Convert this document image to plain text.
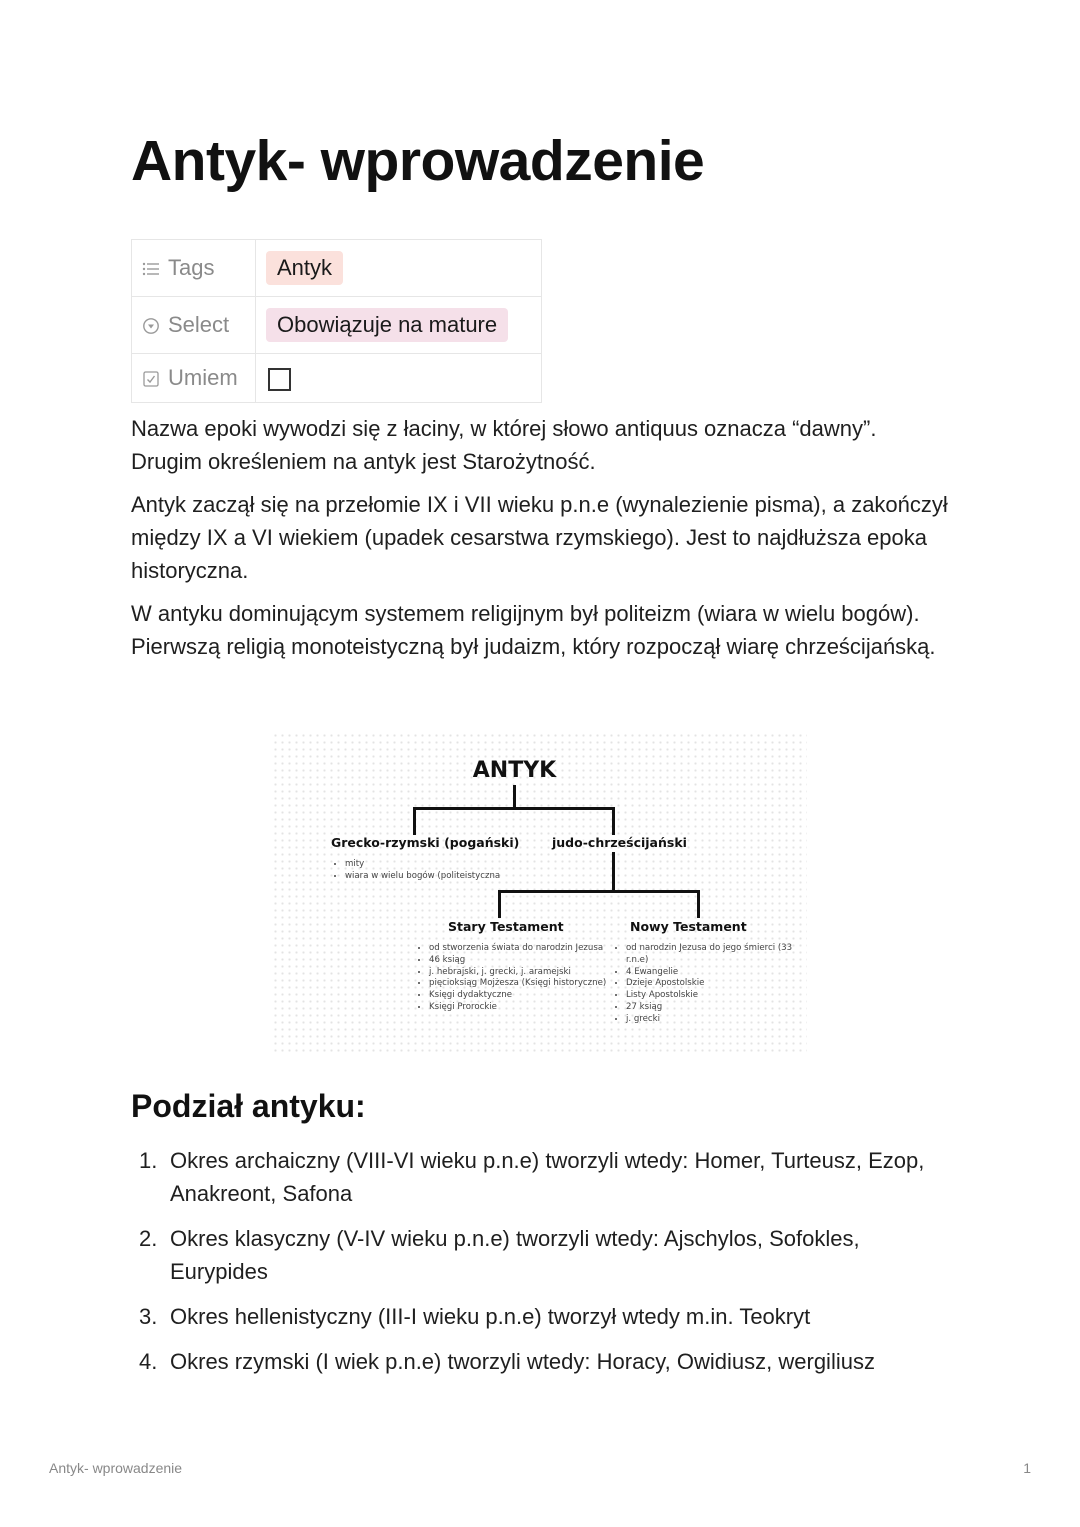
Antyk- wprowadzenie
Tags	Antyk

Select	Obowiązuje na mature

Umiem	

Nazwa epoki wywodzi się z łaciny, w której słowo antiquus oznacza “dawny”. Drugim określeniem na antyk jest Starożytność.

Antyk zaczął się na przełomie IX i VII wieku p.n.e (wynalezienie pisma), a zakończył między IX a VI wiekiem (upadek cesarstwa rzymskiego). Jest to najdłuższa epoka historyczna.

W antyku dominującym systemem religijnym był politeizm (wiara w wielu bogów). Pierwszą religią monoteistyczną był judaizm, który rozpoczął wiarę chrześcijańską.

ANTYK
Grecko-rzymski (pogański)
• mity
• wiara w wielu bogów (politeistyczna
judo-chrześcijański
Stary Testament
• od stworzenia świata do narodzin Jezusa
• 46 ksiąg
• j. hebrajski, j. grecki, j. aramejski
• pięcioksiąg Mojżesza (Księgi historyczne)
• Księgi dydaktyczne
• Księgi Prorockie
Nowy Testament
• od narodzin Jezusa do jego śmierci (33 r.n.e)
• 4 Ewangelie
• Dzieje Apostolskie
• Listy Apostolskie
• 27 ksiąg
• j. grecki
Podział antyku:
1. Okres archaiczny (VIII-VI wieku p.n.e) tworzyli wtedy: Homer, Turteusz, Ezop, Anakreont, Safona
2. Okres klasyczny (V-IV wieku p.n.e) tworzyli wtedy: Ajschylos, Sofokles, Eurypides
3. Okres hellenistyczny (III-I wieku p.n.e) tworzył wtedy m.in. Teokryt
4. Okres rzymski (I wiek p.n.e) tworzyli wtedy: Horacy, Owidiusz, wergiliusz
Antyk- wprowadzenie	1
